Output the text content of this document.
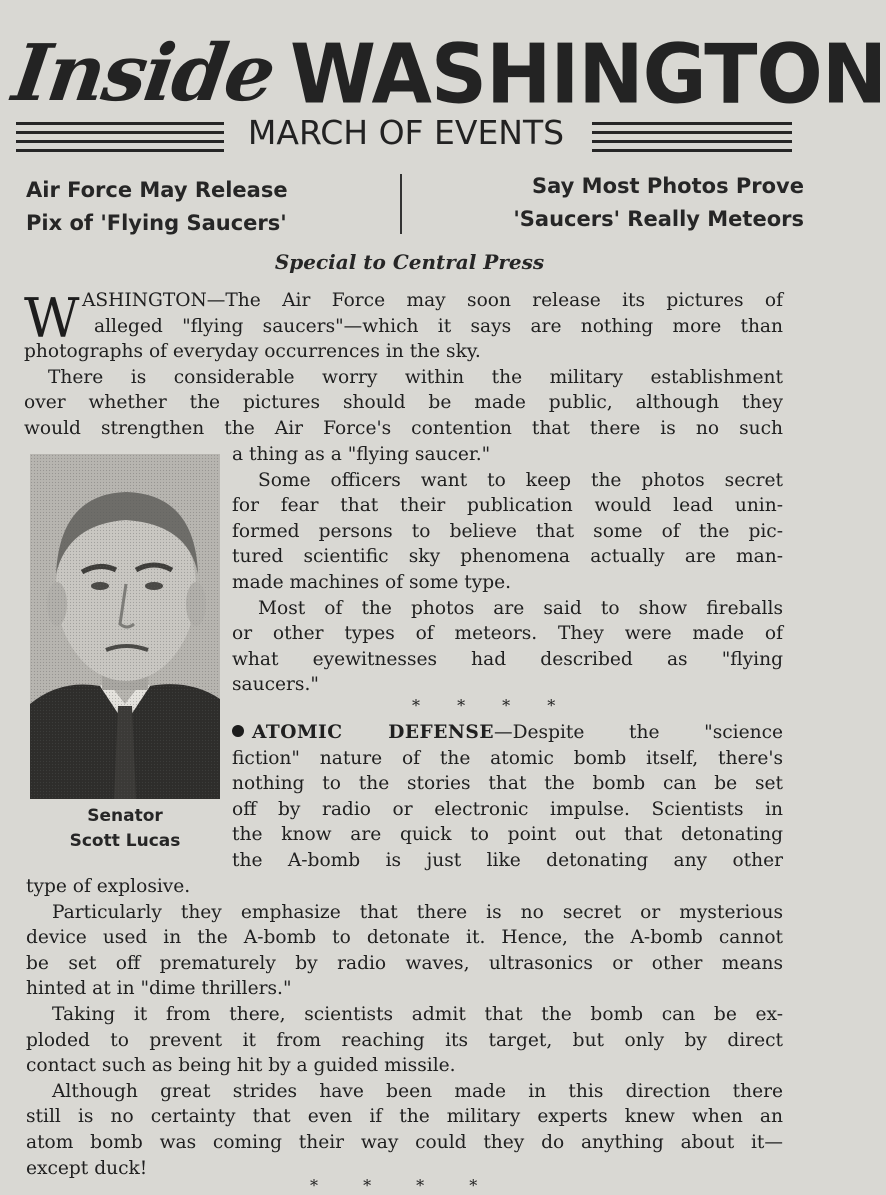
Inside WASHINGTON
MARCH OF EVENTS
Air Force May Release
Pix of 'Flying Saucers'
Say Most Photos Prove
'Saucers' Really Meteors
Special to Central Press
W ASHINGTON—The Air Force may soon release its pictures of

alleged "flying saucers"—which it says are nothing more than

photographs of everyday occurrences in the sky.

There is considerable worry within the military establishment

over whether the pictures should be made public, although they

would strengthen the Air Force's contention that there is no such

Senator
Scott Lucas

a thing as a "flying saucer."

Some officers want to keep the photos secret

for fear that their publication would lead unin-

formed persons to believe that some of the pic-

tured scientific sky phenomena actually are man-

made machines of some type.

Most of the photos are said to show fireballs

or other types of meteors. They were made of

what eyewitnesses had described as "flying

saucers."

* * * *

ATOMIC DEFENSE—Despite the "science

fiction" nature of the atomic bomb itself, there's

nothing to the stories that the bomb can be set

off by radio or electronic impulse. Scientists in

the know are quick to point out that detonating

the A-bomb is just like detonating any other

type of explosive.

Particularly they emphasize that there is no secret or mysterious

device used in the A-bomb to detonate it. Hence, the A-bomb cannot

be set off prematurely by radio waves, ultrasonics or other means

hinted at in "dime thrillers."

Taking it from there, scientists admit that the bomb can be ex-

ploded to prevent it from reaching its target, but only by direct

contact such as being hit by a guided missile.

Although great strides have been made in this direction there

still is no certainty that even if the military experts knew when an

atom bomb was coming their way could they do anything about it—

except duck!

* * * *
